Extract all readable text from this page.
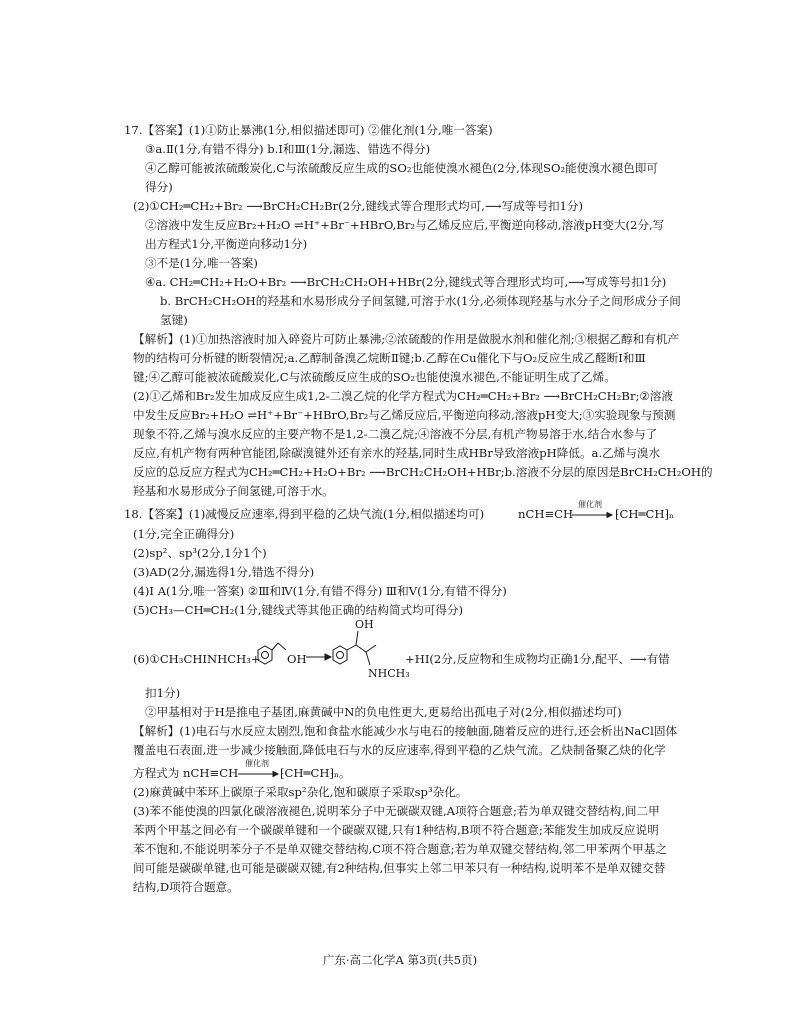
17.【答案】(1)①防止暴沸(1分,相似描述即可) ②催化剂(1分,唯一答案)
③a.Ⅱ(1分,有错不得分) b.Ⅰ和Ⅲ(1分,漏选、错选不得分)
④乙醇可能被浓硫酸炭化,C与浓硫酸反应生成的SO₂也能使溴水褪色(2分,体现SO₂能使溴水褪色即可
得分)
(2)①CH₂═CH₂+Br₂ ⟶BrCH₂CH₂Br(2分,键线式等合理形式均可,⟶写成等号扣1分)
②溶液中发生反应Br₂+H₂O ⇌H⁺+Br⁻+HBrO,Br₂与乙烯反应后,平衡逆向移动,溶液pH变大(2分,写
出方程式1分,平衡逆向移动1分)
③不是(1分,唯一答案)
④a. CH₂═CH₂+H₂O+Br₂ ⟶BrCH₂CH₂OH+HBr(2分,键线式等合理形式均可,⟶写成等号扣1分)
b. BrCH₂CH₂OH的羟基和水易形成分子间氢键,可溶于水(1分,必须体现羟基与水分子之间形成分子间
氢键)
【解析】(1)①加热溶液时加入碎瓷片可防止暴沸;②浓硫酸的作用是做脱水剂和催化剂;③根据乙醇和有机产
物的结构可分析键的断裂情况;a.乙醇制备溴乙烷断Ⅱ键;b.乙醇在Cu催化下与O₂反应生成乙醛断Ⅰ和Ⅲ
键;④乙醇可能被浓硫酸炭化,C与浓硫酸反应生成的SO₂也能使溴水褪色,不能证明生成了乙烯。
(2)①乙烯和Br₂发生加成反应生成1,2-二溴乙烷的化学方程式为CH₂═CH₂+Br₂ ⟶BrCH₂CH₂Br;②溶液
中发生反应Br₂+H₂O ⇌H⁺+Br⁻+HBrO,Br₂与乙烯反应后,平衡逆向移动,溶液pH变大;③实验现象与预测
现象不符,乙烯与溴水反应的主要产物不是1,2-二溴乙烷;④溶液不分层,有机产物易溶于水,结合水参与了
反应,有机产物有两种官能团,除碳溴键外还有亲水的羟基,同时生成HBr导致溶液pH降低。a.乙烯与溴水
反应的总反应方程式为CH₂═CH₂+H₂O+Br₂ ⟶BrCH₂CH₂OH+HBr;b.溶液不分层的原因是BrCH₂CH₂OH的
羟基和水易形成分子间氢键,可溶于水。
18.【答案】(1)减慢反应速率,得到平稳的乙炔气流(1分,相似描述均可)	nCH≡CH
催化剂
⁅CH═CH⁆ₙ
(1分,完全正确得分)
(2)sp²、sp³(2分,1分1个)
(3)AD(2分,漏选得1分,错选不得分)
(4)Ⅰ A(1分,唯一答案) ②Ⅲ和Ⅳ(1分,有错不得分) Ⅲ和Ⅴ(1分,有错不得分)
(5)CH₃—CH═CH₂(1分,键线式等其他正确的结构简式均可得分)
(6)①CH₃CHINHCH₃+ OH	+HI(2分,反应物和生成物均正确1分,配平、⟶有错
OH
NHCH₃
扣1分)
②甲基相对于H是推电子基团,麻黄碱中N的负电性更大,更易给出孤电子对(2分,相似描述均可)
【解析】(1)电石与水反应太剧烈,饱和食盐水能减少水与电石的接触面,随着反应的进行,还会析出NaCl固体
覆盖电石表面,进一步减少接触面,降低电石与水的反应速率,得到平稳的乙炔气流。乙炔制备聚乙炔的化学
方程式为 nCH≡CH
催化剂
⁅CH═CH⁆ₙ。
(2)麻黄碱中苯环上碳原子采取sp²杂化,饱和碳原子采取sp³杂化。
(3)苯不能使溴的四氯化碳溶液褪色,说明苯分子中无碳碳双键,A项符合题意;若为单双键交替结构,间二甲
苯两个甲基之间必有一个碳碳单键和一个碳碳双键,只有1种结构,B项不符合题意;苯能发生加成反应说明
苯不饱和,不能说明苯分子不是单双键交替结构,C项不符合题意;若为单双键交替结构,邻二甲苯两个甲基之
间可能是碳碳单键,也可能是碳碳双键,有2种结构,但事实上邻二甲苯只有一种结构,说明苯不是单双键交替
结构,D项符合题意。
广东·高二化学A 第3页(共5页)
